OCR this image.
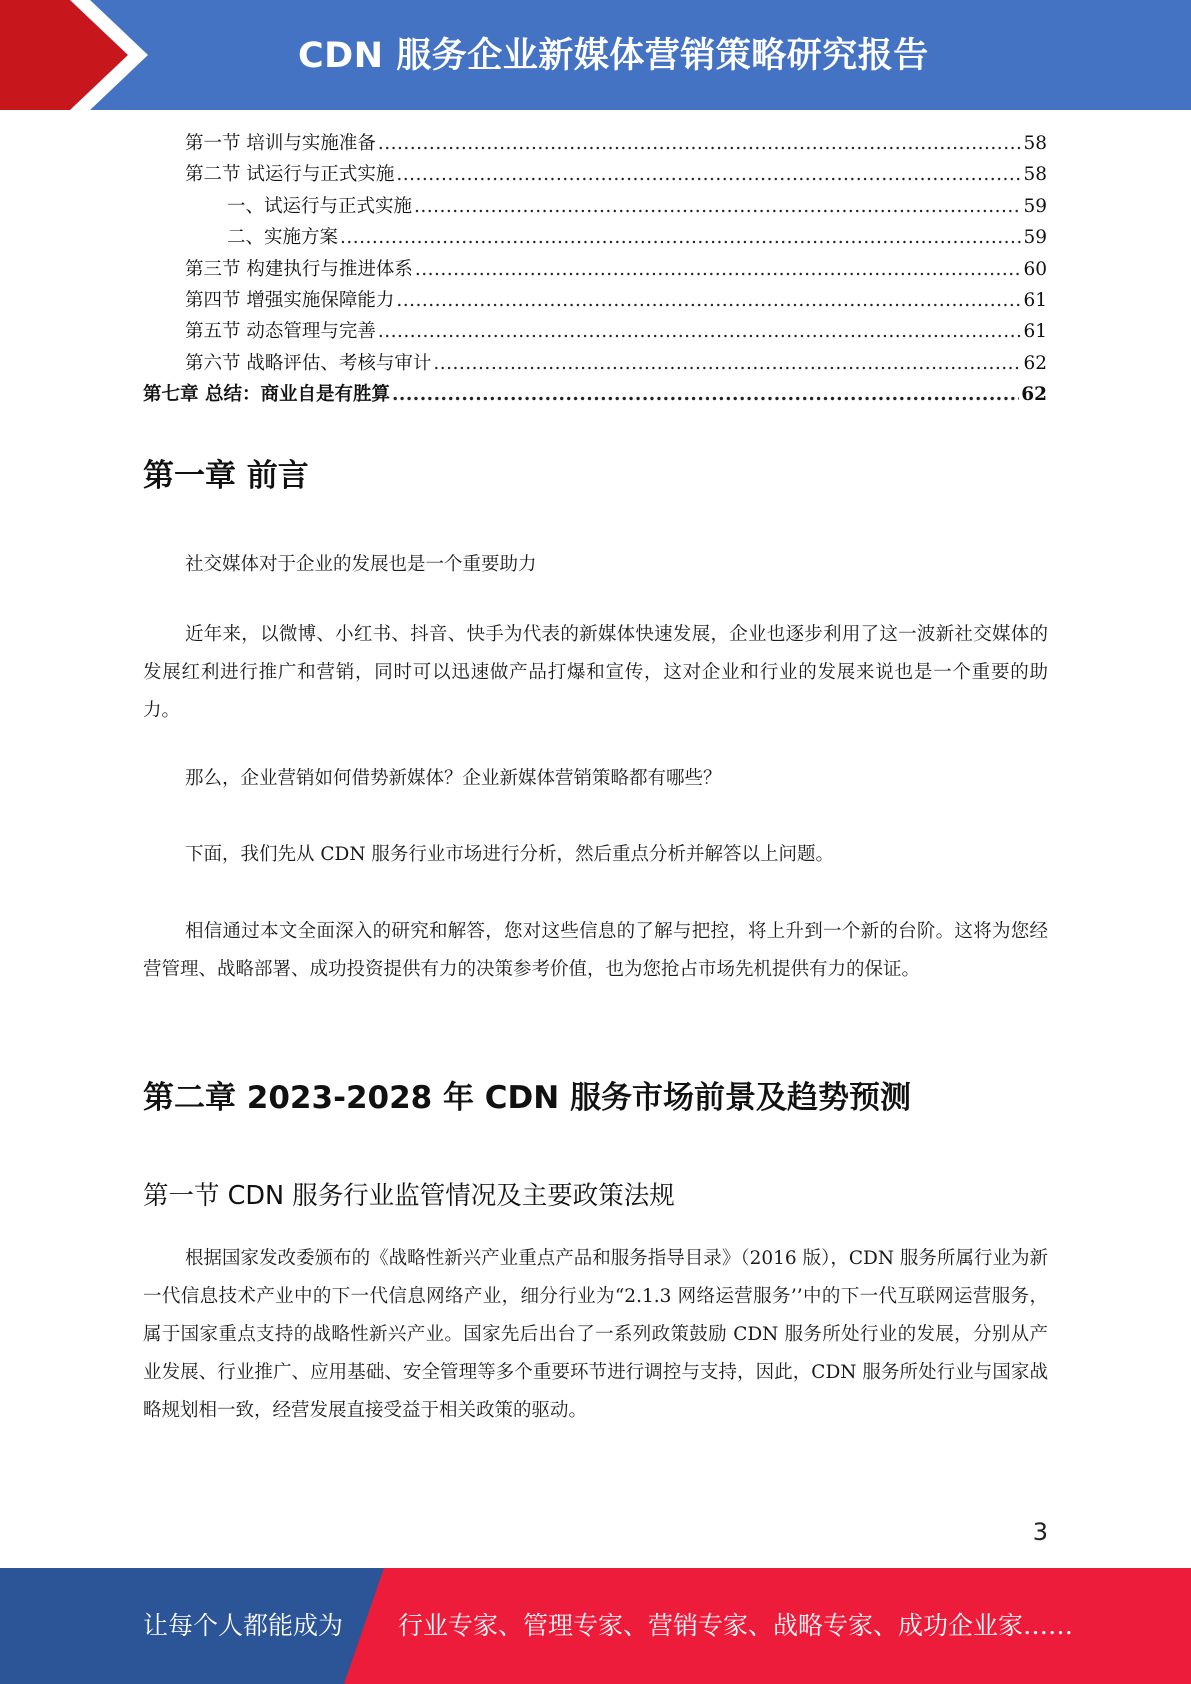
CDN 服务企业新媒体营销策略研究报告
第一节 培训与实施准备 .....	58
第二节 试运行与正式实施 .....	58
一、试运行与正式实施 .....	59
二、实施方案 .....	59
第三节 构建执行与推进体系 .....	60
第四节 增强实施保障能力 .....	61
第五节 动态管理与完善 .....	61
第六节 战略评估、考核与审计 .....	62
第七章 总结：商业自是有胜算 .....	62
第一章 前言
社交媒体对于企业的发展也是一个重要助力
近年来，以微博、小红书、抖音、快手为代表的新媒体快速发展，企业也逐步利用了这一波新社交媒体的发展红利进行推广和营销，同时可以迅速做产品打爆和宣传，这对企业和行业的发展来说也是一个重要的助力。
那么，企业营销如何借势新媒体？企业新媒体营销策略都有哪些？
下面，我们先从 CDN 服务行业市场进行分析，然后重点分析并解答以上问题。
相信通过本文全面深入的研究和解答，您对这些信息的了解与把控，将上升到一个新的台阶。这将为您经营管理、战略部署、成功投资提供有力的决策参考价值，也为您抢占市场先机提供有力的保证。
第二章 2023-2028 年 CDN 服务市场前景及趋势预测
第一节 CDN 服务行业监管情况及主要政策法规
根据国家发改委颁布的《战略性新兴产业重点产品和服务指导目录》（2016 版），CDN 服务所属行业为新一代信息技术产业中的下一代信息网络产业，细分行业为“2.1.3 网络运营服务’’中的下一代互联网运营服务，属于国家重点支持的战略性新兴产业。国家先后出台了一系列政策鼓励 CDN 服务所处行业的发展，分别从产业发展、行业推广、应用基础、安全管理等多个重要环节进行调控与支持，因此，CDN 服务所处行业与国家战略规划相一致，经营发展直接受益于相关政策的驱动。
3
让每个人都能成为 行业专家、管理专家、营销专家、战略专家、成功企业家……
